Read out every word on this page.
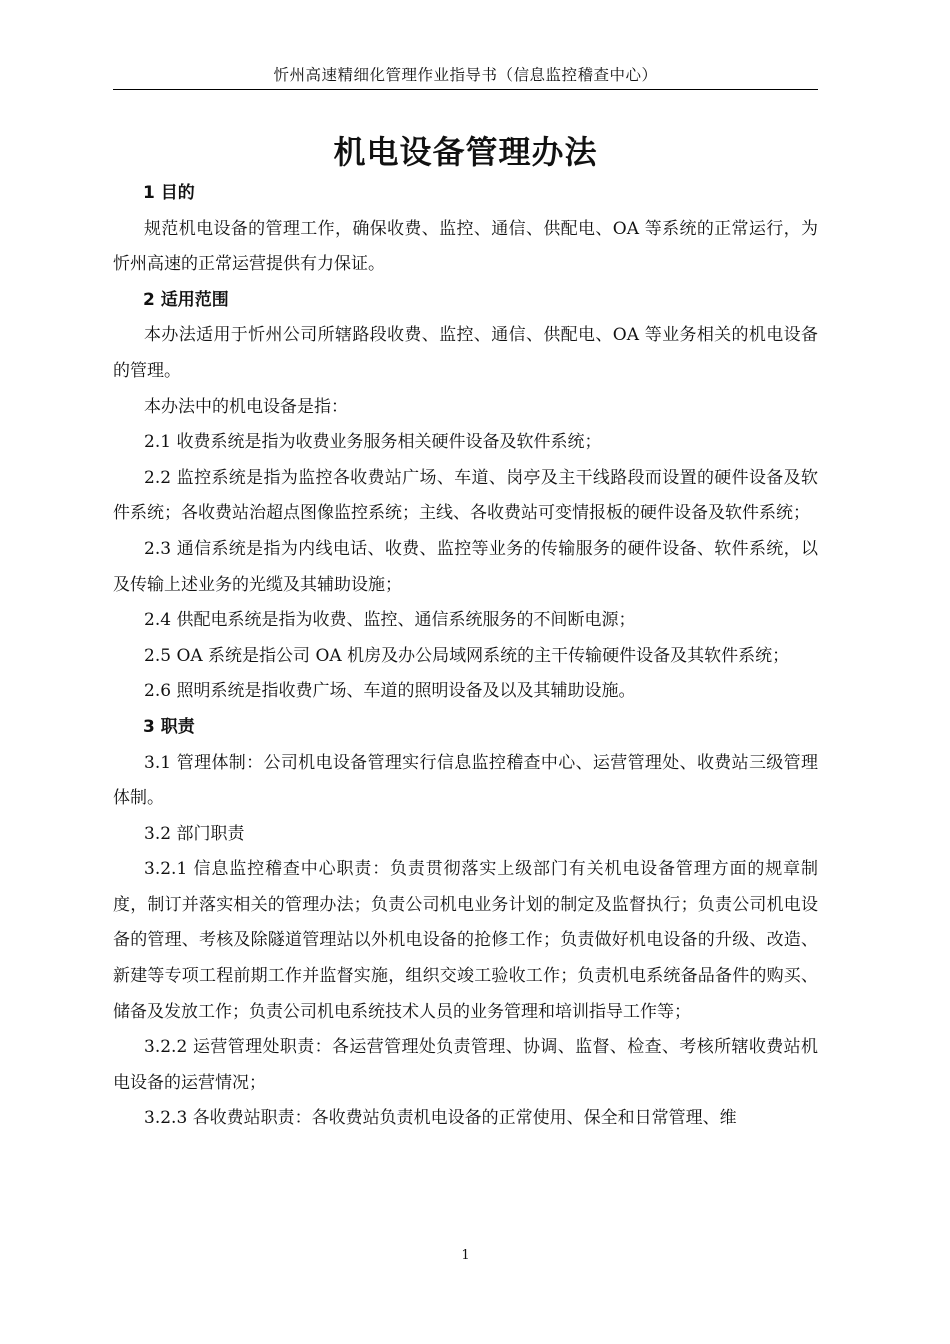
忻州高速精细化管理作业指导书（信息监控稽查中心）
机电设备管理办法

1 目的

规范机电设备的管理工作，确保收费、监控、通信、供配电、OA 等系统的正常运行，为忻州高速的正常运营提供有力保证。

2 适用范围

本办法适用于忻州公司所辖路段收费、监控、通信、供配电、OA 等业务相关的机电设备的管理。

本办法中的机电设备是指：

2.1 收费系统是指为收费业务服务相关硬件设备及软件系统；

2.2 监控系统是指为监控各收费站广场、车道、岗亭及主干线路段而设置的硬件设备及软件系统；各收费站治超点图像监控系统；主线、各收费站可变情报板的硬件设备及软件系统；

2.3 通信系统是指为内线电话、收费、监控等业务的传输服务的硬件设备、软件系统，以及传输上述业务的光缆及其辅助设施；

2.4 供配电系统是指为收费、监控、通信系统服务的不间断电源；

2.5 OA 系统是指公司 OA 机房及办公局域网系统的主干传输硬件设备及其软件系统；

2.6 照明系统是指收费广场、车道的照明设备及以及其辅助设施。

3 职责

3.1 管理体制：公司机电设备管理实行信息监控稽查中心、运营管理处、收费站三级管理体制。

3.2 部门职责

3.2.1 信息监控稽查中心职责：负责贯彻落实上级部门有关机电设备管理方面的规章制度，制订并落实相关的管理办法；负责公司机电业务计划的制定及监督执行；负责公司机电设备的管理、考核及除隧道管理站以外机电设备的抢修工作；负责做好机电设备的升级、改造、新建等专项工程前期工作并监督实施，组织交竣工验收工作；负责机电系统备品备件的购买、储备及发放工作；负责公司机电系统技术人员的业务管理和培训指导工作等；

3.2.2 运营管理处职责：各运营管理处负责管理、协调、监督、检查、考核所辖收费站机电设备的运营情况；

3.2.3 各收费站职责：各收费站负责机电设备的正常使用、保全和日常管理、维

1
